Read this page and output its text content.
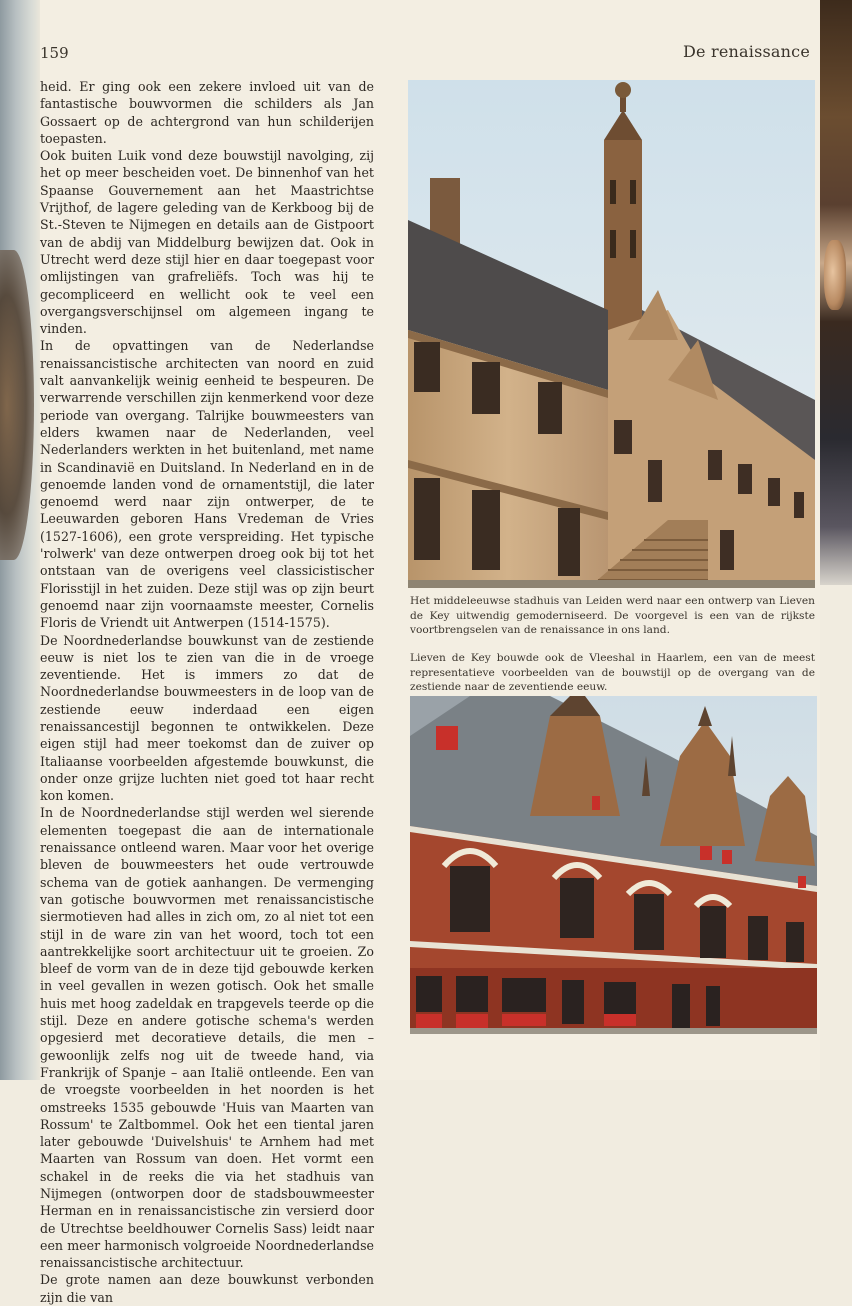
159	De renaissance

heid. Er ging ook een zekere invloed uit van de fantastische bouwvormen die schilders als Jan Gossaert op de achtergrond van hun schilderijen toepasten.

Ook buiten Luik vond deze bouwstijl navolging, zij het op meer bescheiden voet. De binnenhof van het Spaanse Gouvernement aan het Maastrichtse Vrijthof, de lagere geleding van de Kerkboog bij de St.-Steven te Nijmegen en details aan de Gistpoort van de abdij van Middelburg bewijzen dat. Ook in Utrecht werd deze stijl hier en daar toegepast voor omlijstingen van grafreliëfs. Toch was hij te gecompliceerd en wellicht ook te veel een overgangsverschijnsel om algemeen ingang te vinden.

In de opvattingen van de Nederlandse renaissancistische architecten van noord en zuid valt aanvankelijk weinig eenheid te bespeuren. De verwarrende verschillen zijn kenmerkend voor deze periode van overgang. Talrijke bouwmeesters van elders kwamen naar de Nederlanden, veel Nederlanders werkten in het buitenland, met name in Scandinavië en Duitsland. In Nederland en in de genoemde landen vond de ornamentstijl, die later genoemd werd naar zijn ontwerper, de te Leeuwarden geboren Hans Vredeman de Vries (1527-1606), een grote verspreiding. Het typische 'rolwerk' van deze ontwerpen droeg ook bij tot het ontstaan van de overigens veel classicistischer Florisstijl in het zuiden. Deze stijl was op zijn beurt genoemd naar zijn voornaamste meester, Cornelis Floris de Vriendt uit Antwerpen (1514-1575).

De Noordnederlandse bouwkunst van de zestiende eeuw is niet los te zien van die in de vroege zeventiende. Het is immers zo dat de Noordnederlandse bouwmeesters in de loop van de zestiende eeuw inderdaad een eigen renaissancestijl begonnen te ontwikkelen. Deze eigen stijl had meer toekomst dan de zuiver op Italiaanse voorbeelden afgestemde bouwkunst, die onder onze grijze luchten niet goed tot haar recht kon komen.

In de Noordnederlandse stijl werden wel sierende elementen toegepast die aan de internationale renaissance ontleend waren. Maar voor het overige bleven de bouwmeesters het oude vertrouwde schema van de gotiek aanhangen. De vermenging van gotische bouwvormen met renaissancistische siermotieven had alles in zich om, zo al niet tot een stijl in de ware zin van het woord, toch tot een aantrekkelijke soort architectuur uit te groeien. Zo bleef de vorm van de in deze tijd gebouwde kerken in veel gevallen in wezen gotisch. Ook het smalle huis met hoog zadeldak en trapgevels teerde op die stijl. Deze en andere gotische schema's werden opgesierd met decoratieve details, die men – gewoonlijk zelfs nog uit de tweede hand, via Frankrijk of Spanje – aan Italië ontleende. Een van de vroegste voorbeelden in het noorden is het omstreeks 1535 gebouwde 'Huis van Maarten van Rossum' te Zaltbommel. Ook het een tiental jaren later gebouwde 'Duivelshuis' te Arnhem had met Maarten van Rossum van doen. Het vormt een schakel in de reeks die via het stadhuis van Nijmegen (ontworpen door de stadsbouwmeester Herman en in renaissancistische zin versierd door de Utrechtse beeldhouwer Cornelis Sass) leidt naar een meer harmonisch volgroeide Noordnederlandse renaissancistische architectuur.

De grote namen aan deze bouwkunst verbonden zijn die van

Het middeleeuwse stadhuis van Leiden werd naar een ontwerp van Lieven de Key uitwendig gemoderniseerd. De voorgevel is een van de rijkste voortbrengselen van de renaissance in ons land.
Lieven de Key bouwde ook de Vleeshal in Haarlem, een van de meest representatieve voorbeelden van de bouwstijl op de overgang van de zestiende naar de zeventiende eeuw.
